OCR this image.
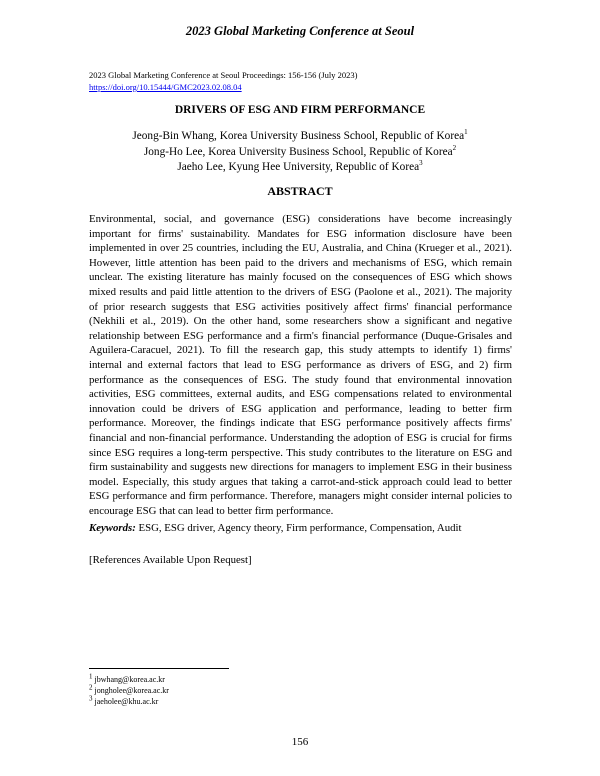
2023 Global Marketing Conference at Seoul
2023 Global Marketing Conference at Seoul Proceedings: 156-156 (July 2023)
https://doi.org/10.15444/GMC2023.02.08.04
DRIVERS OF ESG AND FIRM PERFORMANCE
Jeong-Bin Whang, Korea University Business School, Republic of Korea$^1$
Jong-Ho Lee, Korea University Business School, Republic of Korea$^2$
Jaeho Lee, Kyung Hee University, Republic of Korea$^3$
ABSTRACT

Environmental, social, and governance (ESG) considerations have become increasingly important for firms' sustainability. Mandates for ESG information disclosure have been implemented in over 25 countries, including the EU, Australia, and China (Krueger et al., 2021). However, little attention has been paid to the drivers and mechanisms of ESG, which remain unclear. The existing literature has mainly focused on the consequences of ESG which shows mixed results and paid little attention to the drivers of ESG (Paolone et al., 2021). The majority of prior research suggests that ESG activities positively affect firms' financial performance (Nekhili et al., 2019). On the other hand, some researchers show a significant and negative relationship between ESG performance and a firm's financial performance (Duque-Grisales and Aguilera-Caracuel, 2021). To fill the research gap, this study attempts to identify 1) firms' internal and external factors that lead to ESG performance as drivers of ESG, and 2) firm performance as the consequences of ESG. The study found that environmental innovation activities, ESG committees, external audits, and ESG compensations related to environmental innovation could be drivers of ESG application and performance, leading to better firm performance. Moreover, the findings indicate that ESG performance positively affects firms' financial and non-financial performance. Understanding the adoption of ESG is crucial for firms since ESG requires a long-term perspective. This study contributes to the literature on ESG and firm sustainability and suggests new directions for managers to implement ESG in their business model. Especially, this study argues that taking a carrot-and-stick approach could lead to better ESG performance and firm performance. Therefore, managers might consider internal policies to encourage ESG that can lead to better firm performance.

Keywords: ESG, ESG driver, Agency theory, Firm performance, Compensation, Audit
[References Available Upon Request]
$^1$ jbwhang@korea.ac.kr
$^2$ jongholee@korea.ac.kr
$^3$ jaeholee@khu.ac.kr
156
